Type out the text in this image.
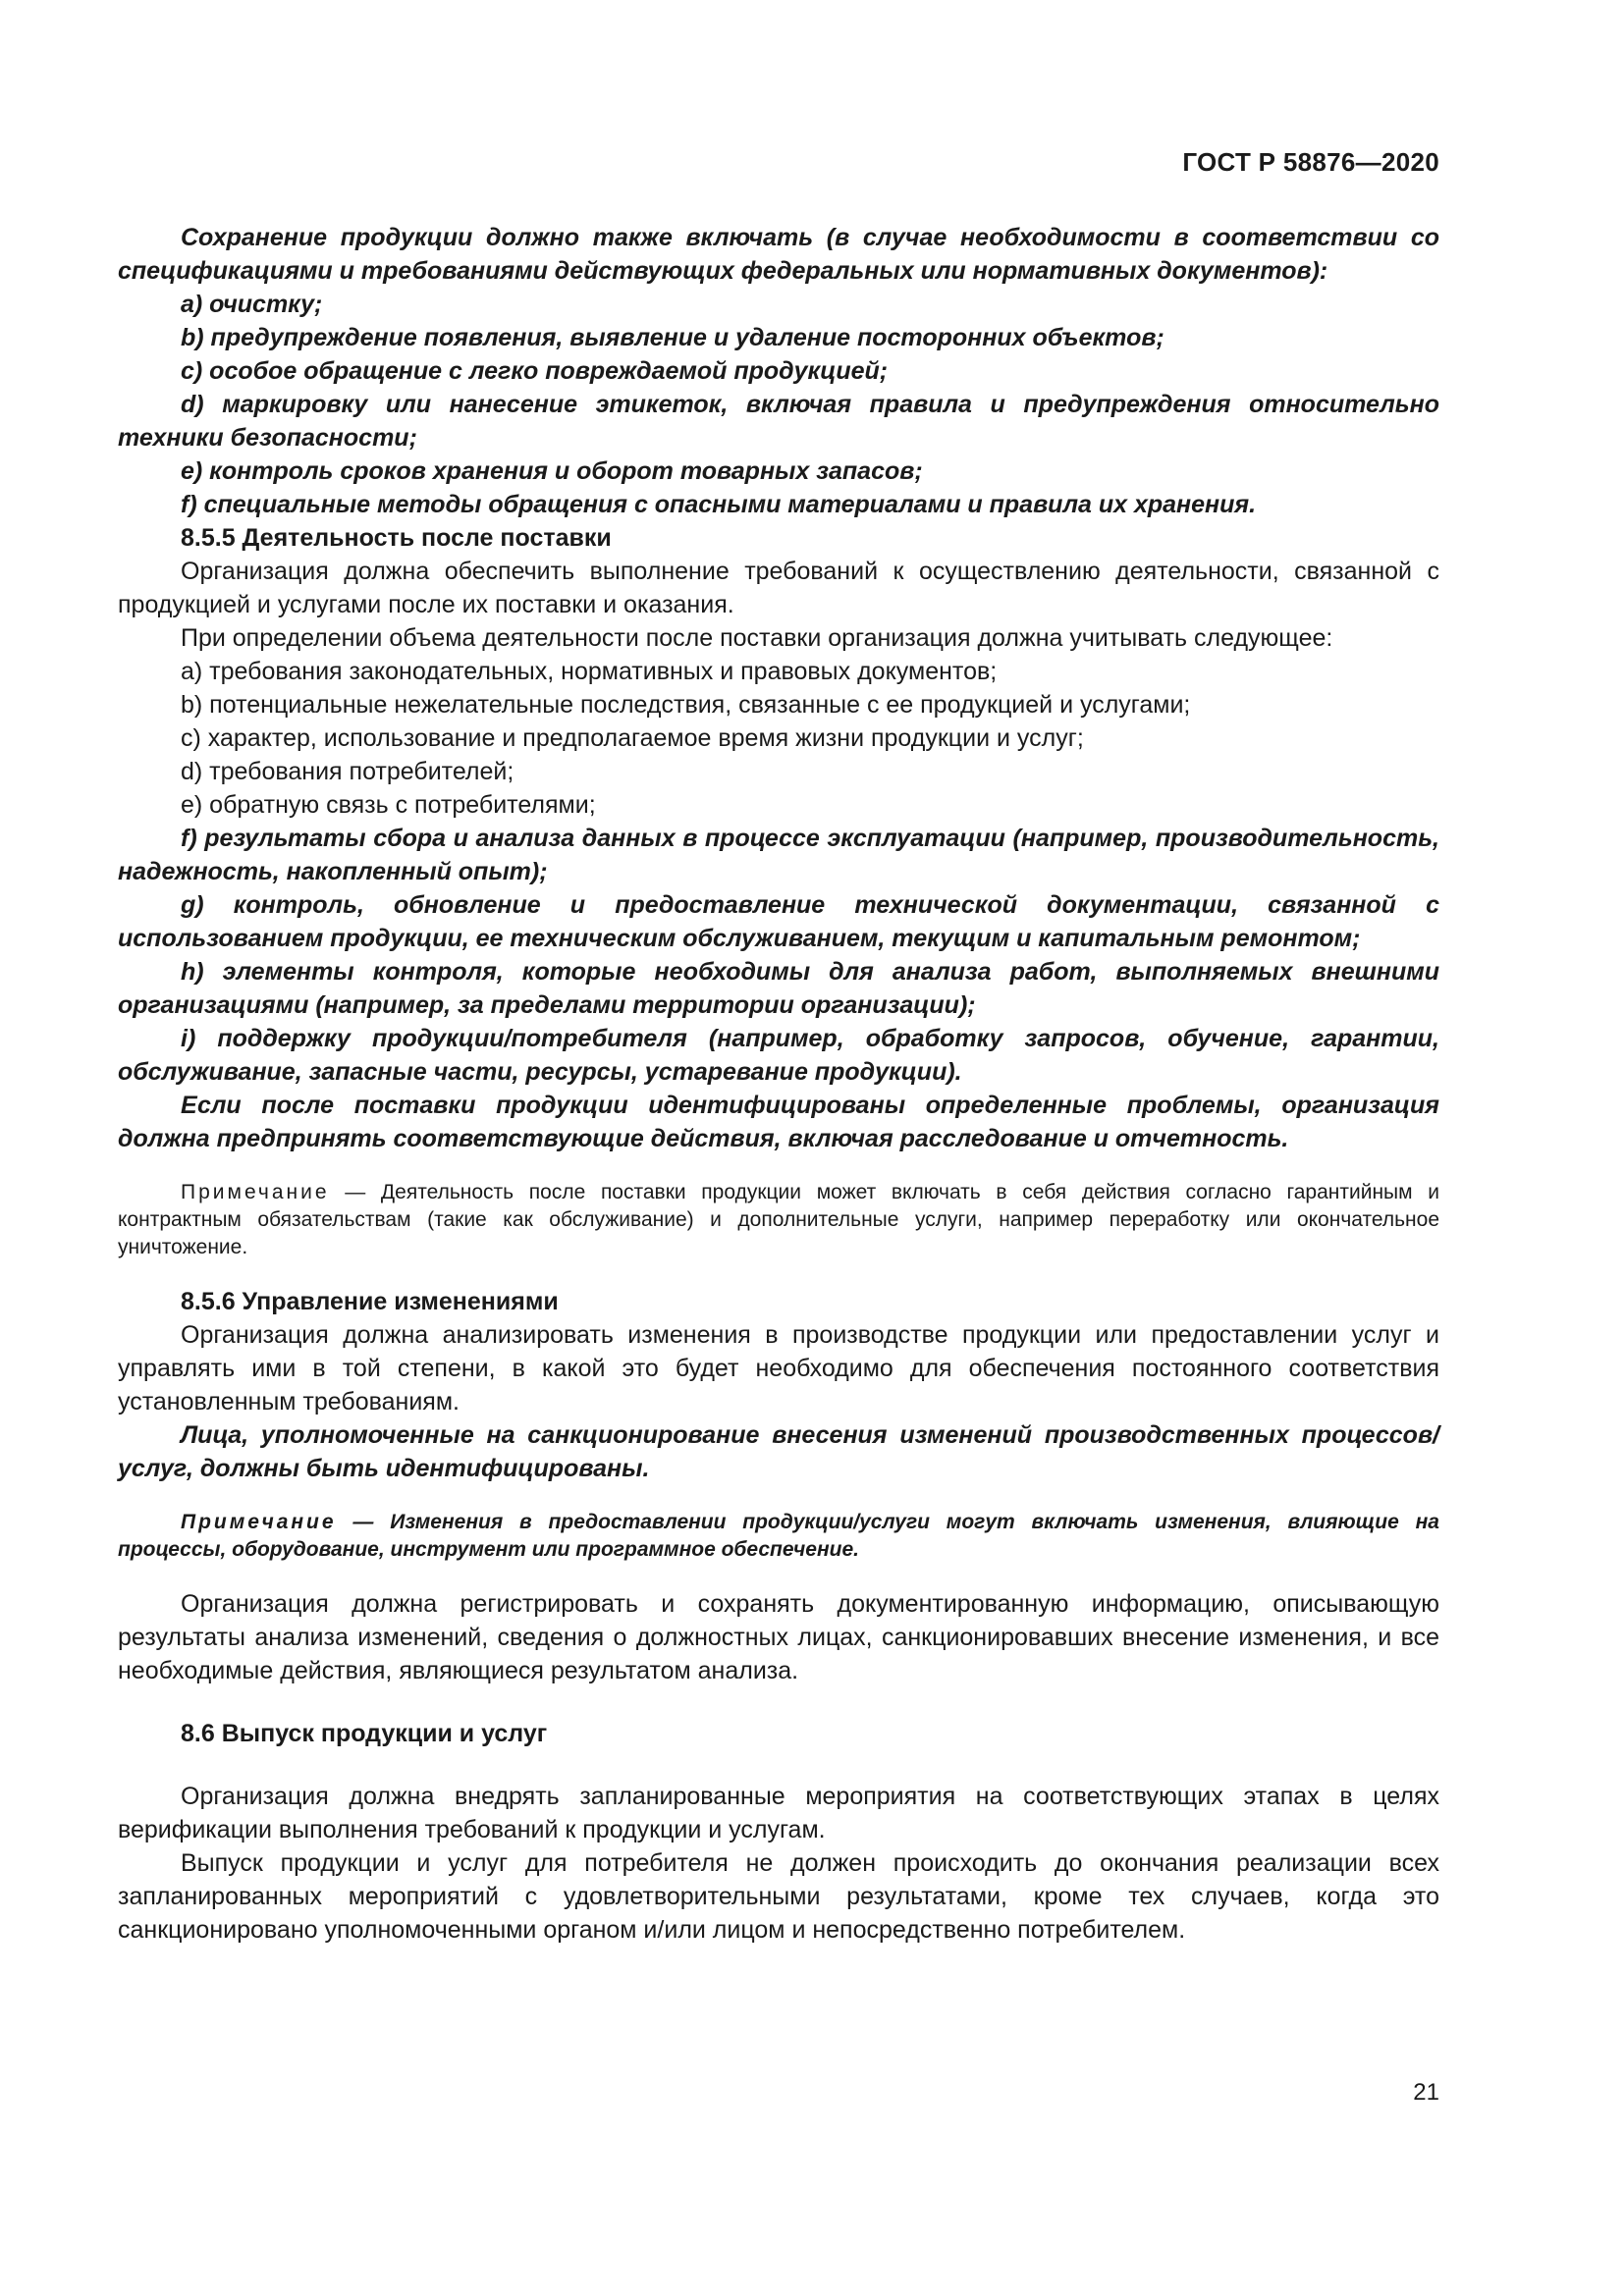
ГОСТ Р 58876—2020

Сохранение продукции должно также включать (в случае необходимости в соответствии со спецификациями и требованиями действующих федеральных или нормативных документов):

a) очистку;

b) предупреждение появления, выявление и удаление посторонних объектов;

c) особое обращение с легко повреждаемой продукцией;

d) маркировку или нанесение этикеток, включая правила и предупреждения относительно техники безопасности;

e) контроль сроков хранения и оборот товарных запасов;

f) специальные методы обращения с опасными материалами и правила их хранения.

8.5.5 Деятельность после поставки

Организация должна обеспечить выполнение требований к осуществлению деятельности, связанной с продукцией и услугами после их поставки и оказания.

При определении объема деятельности после поставки организация должна учитывать следующее:

a) требования законодательных, нормативных и правовых документов;

b) потенциальные нежелательные последствия, связанные с ее продукцией и услугами;

c) характер, использование и предполагаемое время жизни продукции и услуг;

d) требования потребителей;

e) обратную связь с потребителями;

f) результаты сбора и анализа данных в процессе эксплуатации (например, производительность, надежность, накопленный опыт);

g) контроль, обновление и предоставление технической документации, связанной с использованием продукции, ее техническим обслуживанием, текущим и капитальным ремонтом;

h) элементы контроля, которые необходимы для анализа работ, выполняемых внешними организациями (например, за пределами территории организации);

i) поддержку продукции/потребителя (например, обработку запросов, обучение, гарантии, обслуживание, запасные части, ресурсы, устаревание продукции).

Если после поставки продукции идентифицированы определенные проблемы, организация должна предпринять соответствующие действия, включая расследование и отчетность.

Примечание — Деятельность после поставки продукции может включать в себя действия согласно гарантийным и контрактным обязательствам (такие как обслуживание) и дополнительные услуги, например переработку или окончательное уничтожение.

8.5.6 Управление изменениями

Организация должна анализировать изменения в производстве продукции или предоставлении услуг и управлять ими в той степени, в какой это будет необходимо для обеспечения постоянного соответствия установленным требованиям.

Лица, уполномоченные на санкционирование внесения изменений производственных процессов/услуг, должны быть идентифицированы.

Примечание — Изменения в предоставлении продукции/услуги могут включать изменения, влияющие на процессы, оборудование, инструмент или программное обеспечение.

Организация должна регистрировать и сохранять документированную информацию, описывающую результаты анализа изменений, сведения о должностных лицах, санкционировавших внесение изменения, и все необходимые действия, являющиеся результатом анализа.

8.6 Выпуск продукции и услуг

Организация должна внедрять запланированные мероприятия на соответствующих этапах в целях верификации выполнения требований к продукции и услугам.

Выпуск продукции и услуг для потребителя не должен происходить до окончания реализации всех запланированных мероприятий с удовлетворительными результатами, кроме тех случаев, когда это санкционировано уполномоченными органом и/или лицом и непосредственно потребителем.

21
